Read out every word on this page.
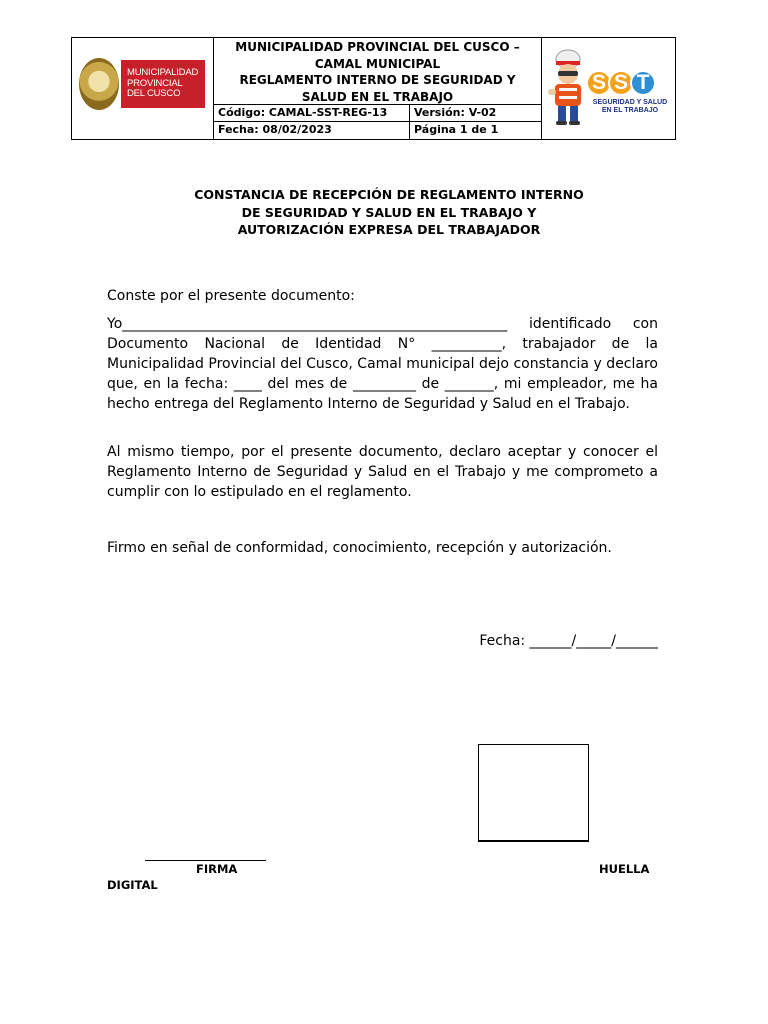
MUNICIPALIDAD
PROVINCIAL
DEL CUSCO
MUNICIPALIDAD PROVINCIAL DEL CUSCO –
CAMAL MUNICIPAL
REGLAMENTO INTERNO DE SEGURIDAD Y
SALUD EN EL TRABAJO
Código: CAMAL-SST-REG-13	Versión: V-02
Fecha: 08/02/2023	Página 1 de 1
S S T
SEGURIDAD Y SALUD
EN EL TRABAJO
CONSTANCIA DE RECEPCIÓN DE REGLAMENTO INTERNO
DE SEGURIDAD Y SALUD EN EL TRABAJO Y
AUTORIZACIÓN EXPRESA DEL TRABAJADOR
Conste por el presente documento:
Yo_______________________________________________________ identificado con Documento Nacional de Identidad N° __________, trabajador de la Municipalidad Provincial del Cusco, Camal municipal dejo constancia y declaro que, en la fecha: ____ del mes de _________ de _______, mi empleador, me ha hecho entrega del Reglamento Interno de Seguridad y Salud en el Trabajo.
Al mismo tiempo, por el presente documento, declaro aceptar y conocer el Reglamento Interno de Seguridad y Salud en el Trabajo y me comprometo a cumplir con lo estipulado en el reglamento.
Firmo en señal de conformidad, conocimiento, recepción y autorización.
Fecha: ______/_____/______
FIRMA	HUELLA
DIGITAL
